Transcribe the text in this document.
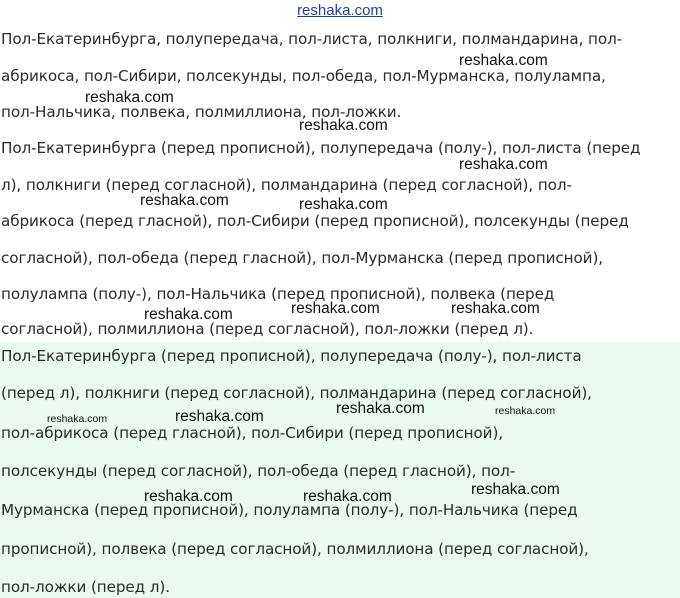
reshaka.com
Пол-Екатеринбурга, полупередача, пол-листа, полкниги, полмандарина, пол-
абрикоса, пол-Сибири, полсекунды, пол-обеда, пол-Мурманска, полулампа,
пол-Нальчика, полвека, полмиллиона, пол-ложки.
Пол-Екатеринбурга (перед прописной), полупередача (полу-), пол-листа (перед
л), полкниги (перед согласной), полмандарина (перед согласной), пол-
абрикоса (перед гласной), пол-Сибири (перед прописной), полсекунды (перед
согласной), пол-обеда (перед гласной), пол-Мурманска (перед прописной),
полулампа (полу-), пол-Нальчика (перед прописной), полвека (перед
согласной), полмиллиона (перед согласной), пол-ложки (перед л).
Пол-Екатеринбурга (перед прописной), полупередача (полу-), пол-листа
(перед л), полкниги (перед согласной), полмандарина (перед согласной),
пол-абрикоса (перед гласной), пол-Сибири (перед прописной),
полсекунды (перед согласной), пол-обеда (перед гласной), пол-
Мурманска (перед прописной), полулампа (полу-), пол-Нальчика (перед
прописной), полвека (перед согласной), полмиллиона (перед согласной),
пол-ложки (перед л).
reshaka.com
reshaka.com
reshaka.com
reshaka.com
reshaka.com	reshaka.com
reshaka.com	reshaka.com	reshaka.com
reshaka.com
reshaka.com	reshaka.com	reshaka.com
reshaka.com
reshaka.com	reshaka.com
